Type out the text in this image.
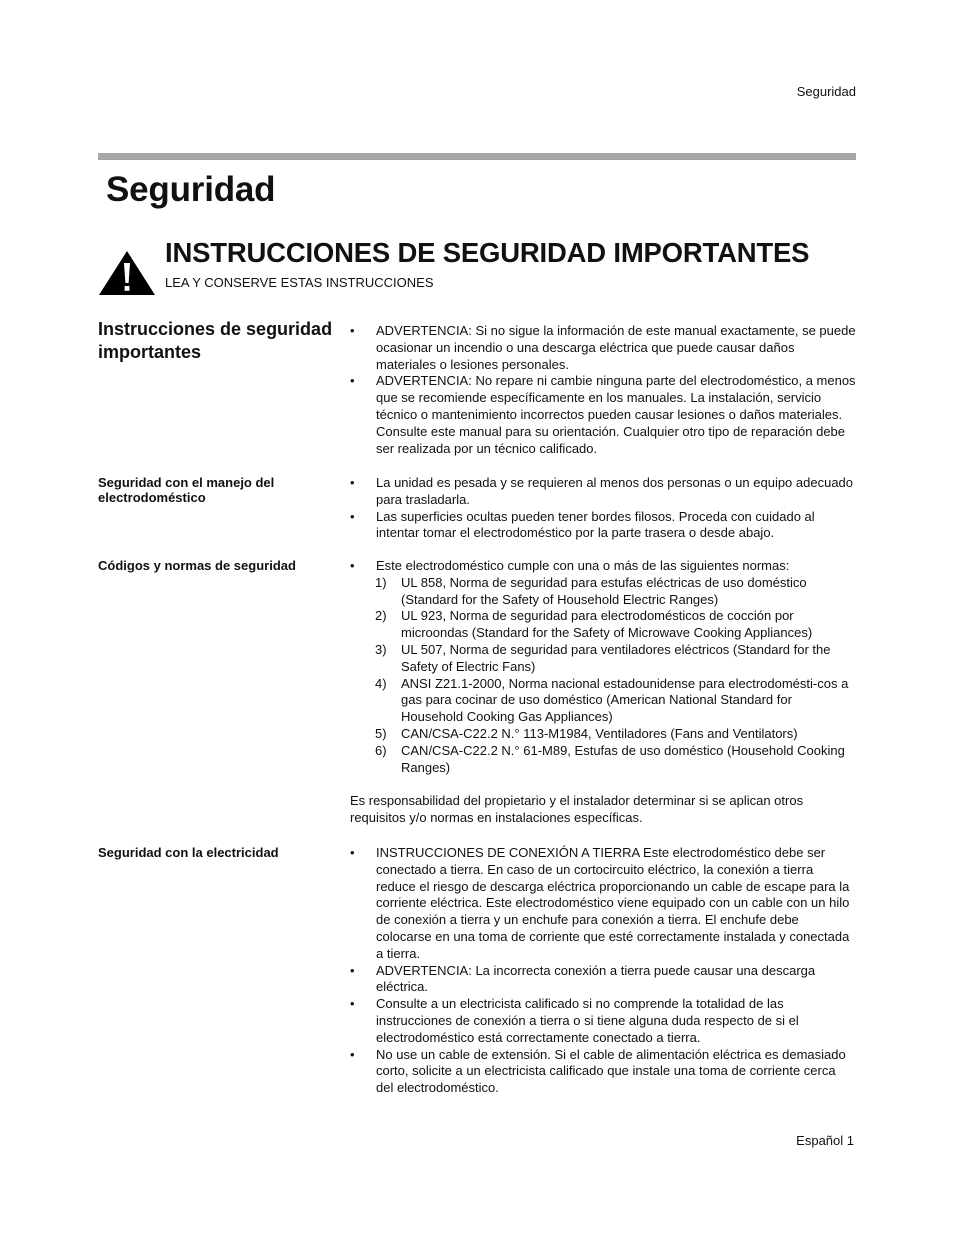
Seguridad
Seguridad
INSTRUCCIONES DE SEGURIDAD IMPORTANTES
LEA Y CONSERVE ESTAS INSTRUCCIONES
Instrucciones de seguridad importantes
• ADVERTENCIA: Si no sigue la información de este manual exactamente, se puede ocasionar un incendio o una descarga eléctrica que puede causar daños materiales o lesiones personales.
• ADVERTENCIA: No repare ni cambie ninguna parte del electrodoméstico, a menos que se recomiende específicamente en los manuales. La instalación, servicio técnico o mantenimiento incorrectos pueden causar lesiones o daños materiales. Consulte este manual para su orientación. Cualquier otro tipo de reparación debe ser realizada por un técnico calificado.
Seguridad con el manejo del electrodoméstico
• La unidad es pesada y se requieren al menos dos personas o un equipo adecuado para trasladarla.
• Las superficies ocultas pueden tener bordes filosos. Proceda con cuidado al intentar tomar el electrodoméstico por la parte trasera o desde abajo.
Códigos y normas de seguridad	• Este electrodoméstico cumple con una o más de las siguientes normas:
1) UL 858, Norma de seguridad para estufas eléctricas de uso doméstico (Standard for the Safety of Household Electric Ranges)
2) UL 923, Norma de seguridad para electrodomésticos de cocción por microondas (Standard for the Safety of Microwave Cooking Appliances)
3) UL 507, Norma de seguridad para ventiladores eléctricos (Standard for the Safety of Electric Fans)
4) ANSI Z21.1-2000, Norma nacional estadounidense para electrodomésti-cos a gas para cocinar de uso doméstico (American National Standard for Household Cooking Gas Appliances)
5) CAN/CSA-C22.2 N.° 113-M1984, Ventiladores (Fans and Ventilators)
6) CAN/CSA-C22.2 N.° 61-M89, Estufas de uso doméstico (Household Cooking Ranges)
Es responsabilidad del propietario y el instalador determinar si se aplican otros requisitos y/o normas en instalaciones específicas.
Seguridad con la electricidad	• INSTRUCCIONES DE CONEXIÓN A TIERRA Este electrodoméstico debe ser conectado a tierra. En caso de un cortocircuito eléctrico, la conexión a tierra reduce el riesgo de descarga eléctrica proporcionando un cable de escape para la corriente eléctrica. Este electrodoméstico viene equipado con un cable con un hilo de conexión a tierra y un enchufe para conexión a tierra. El enchufe debe colocarse en una toma de corriente que esté correctamente instalada y conectada a tierra.
• ADVERTENCIA: La incorrecta conexión a tierra puede causar una descarga eléctrica.
• Consulte a un electricista calificado si no comprende la totalidad de las instrucciones de conexión a tierra o si tiene alguna duda respecto de si el electrodoméstico está correctamente conectado a tierra.
• No use un cable de extensión. Si el cable de alimentación eléctrica es demasiado corto, solicite a un electricista calificado que instale una toma de corriente cerca del electrodoméstico.
Español 1
